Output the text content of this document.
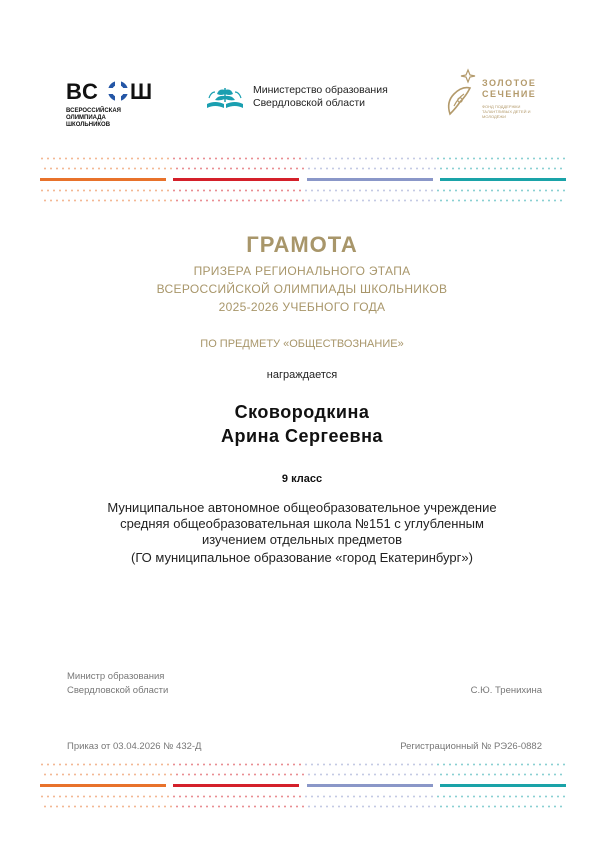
ВС Ш
ВСЕРОССИЙСКАЯ ОЛИМПИАДА ШКОЛЬНИКОВ
Министерство образования
Свердловской области
ЗОЛОТОЕ
СЕЧЕНИЕ
ФОНД ПОДДЕРЖКИ ТАЛАНТЛИВЫХ ДЕТЕЙ И МОЛОДЁЖИ
ГРАМОТА
ПРИЗЕРА РЕГИОНАЛЬНОГО ЭТАПА
ВСЕРОССИЙСКОЙ ОЛИМПИАДЫ ШКОЛЬНИКОВ
2025-2026 УЧЕБНОГО ГОДА
ПО ПРЕДМЕТУ «ОБЩЕСТВОЗНАНИЕ»
награждается
Сковородкина
Арина Сергеевна
9 класс
Муниципальное автономное общеобразовательное учреждение
средняя общеобразовательная школа №151 с углубленным
изучением отдельных предметов
(ГО муниципальное образование «город Екатеринбург»)
Министр образования
Свердловской области	С.Ю. Тренихина
Приказ от 03.04.2026 № 432-Д	Регистрационный № РЭ26-0882
